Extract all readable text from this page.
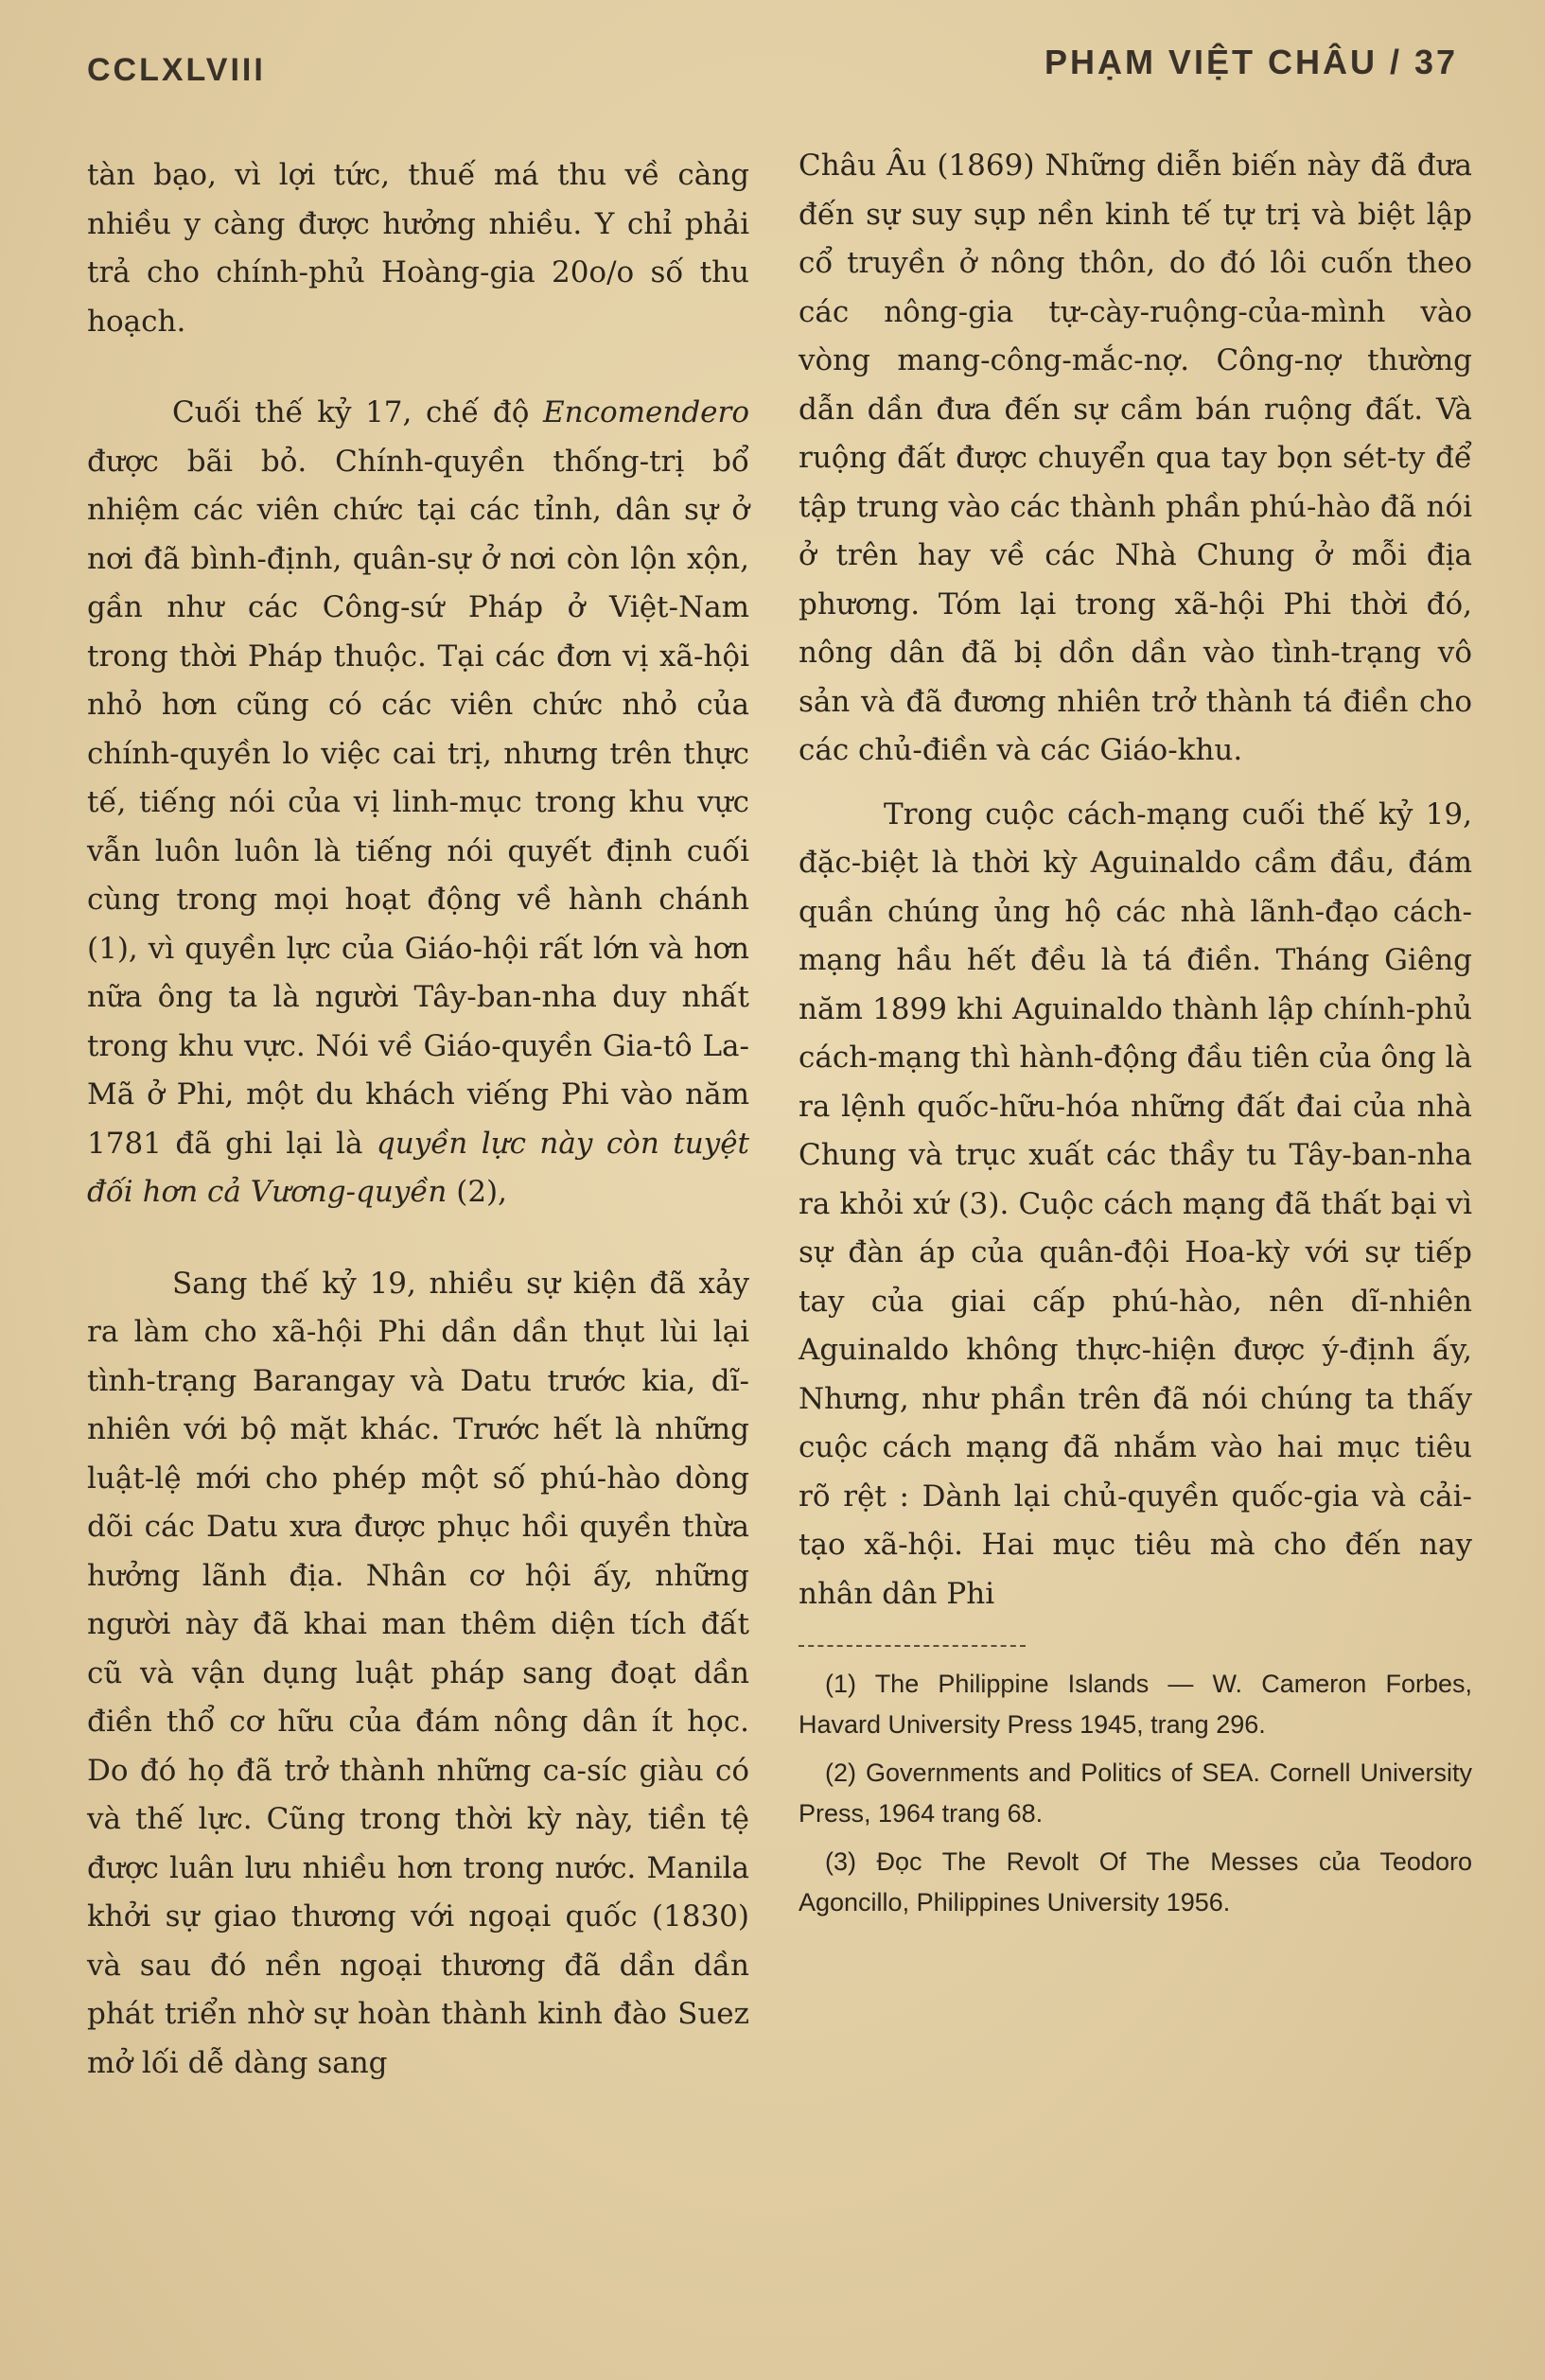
CCLXLVIII	PHẠM VIỆT CHÂU / 37

tàn bạo, vì lợi tức, thuế má thu về càng nhiều y càng được hưởng nhiều. Y chỉ phải trả cho chính-phủ Hoàng-gia 20o/o số thu hoạch.

Cuối thế kỷ 17, chế độ Encomendero được bãi bỏ. Chính-quyền thống-trị bổ nhiệm các viên chức tại các tỉnh, dân sự ở nơi đã bình-định, quân-sự ở nơi còn lộn xộn, gần như các Công-sứ Pháp ở Việt-Nam trong thời Pháp thuộc. Tại các đơn vị xã-hội nhỏ hơn cũng có các viên chức nhỏ của chính-quyền lo việc cai trị, nhưng trên thực tế, tiếng nói của vị linh-mục trong khu vực vẫn luôn luôn là tiếng nói quyết định cuối cùng trong mọi hoạt động về hành chánh (1), vì quyền lực của Giáo-hội rất lớn và hơn nữa ông ta là người Tây-ban-nha duy nhất trong khu vực. Nói về Giáo-quyền Gia-tô La-Mã ở Phi, một du khách viếng Phi vào năm 1781 đã ghi lại là quyền lực này còn tuyệt đối hơn cả Vương-quyền (2),

Sang thế kỷ 19, nhiều sự kiện đã xảy ra làm cho xã-hội Phi dần dần thụt lùi lại tình-trạng Barangay và Datu trước kia, dĩ-nhiên với bộ mặt khác. Trước hết là những luật-lệ mới cho phép một số phú-hào dòng dõi các Datu xưa được phục hồi quyền thừa hưởng lãnh địa. Nhân cơ hội ấy, những người này đã khai man thêm diện tích đất cũ và vận dụng luật pháp sang đoạt dần điền thổ cơ hữu của đám nông dân ít học. Do đó họ đã trở thành những ca-síc giàu có và thế lực. Cũng trong thời kỳ này, tiền tệ được luân lưu nhiều hơn trong nước. Manila khởi sự giao thương với ngoại quốc (1830) và sau đó nền ngoại thương đã dần dần phát triển nhờ sự hoàn thành kinh đào Suez mở lối dễ dàng sang

Châu Âu (1869) Những diễn biến này đã đưa đến sự suy sụp nền kinh tế tự trị và biệt lập cổ truyền ở nông thôn, do đó lôi cuốn theo các nông-gia tự-cày-ruộng-của-mình vào vòng mang-công-mắc-nợ. Công-nợ thường dẫn dần đưa đến sự cầm bán ruộng đất. Và ruộng đất được chuyển qua tay bọn sét-ty để tập trung vào các thành phần phú-hào đã nói ở trên hay về các Nhà Chung ở mỗi địa phương. Tóm lại trong xã-hội Phi thời đó, nông dân đã bị dồn dần vào tình-trạng vô sản và đã đương nhiên trở thành tá điền cho các chủ-điền và các Giáo-khu.

Trong cuộc cách-mạng cuối thế kỷ 19, đặc-biệt là thời kỳ Aguinaldo cầm đầu, đám quần chúng ủng hộ các nhà lãnh-đạo cách-mạng hầu hết đều là tá điền. Tháng Giêng năm 1899 khi Aguinaldo thành lập chính-phủ cách-mạng thì hành-động đầu tiên của ông là ra lệnh quốc-hữu-hóa những đất đai của nhà Chung và trục xuất các thầy tu Tây-ban-nha ra khỏi xứ (3). Cuộc cách mạng đã thất bại vì sự đàn áp của quân-đội Hoa-kỳ với sự tiếp tay của giai cấp phú-hào, nên dĩ-nhiên Aguinaldo không thực-hiện được ý-định ấy, Nhưng, như phần trên đã nói chúng ta thấy cuộc cách mạng đã nhắm vào hai mục tiêu rõ rệt : Dành lại chủ-quyền quốc-gia và cải-tạo xã-hội. Hai mục tiêu mà cho đến nay nhân dân Phi

(1) The Philippine Islands — W. Cameron Forbes, Havard University Press 1945, trang 296.

(2) Governments and Politics of SEA. Cornell University Press, 1964 trang 68.

(3) Đọc The Revolt Of The Messes của Teodoro Agoncillo, Philippines University 1956.
